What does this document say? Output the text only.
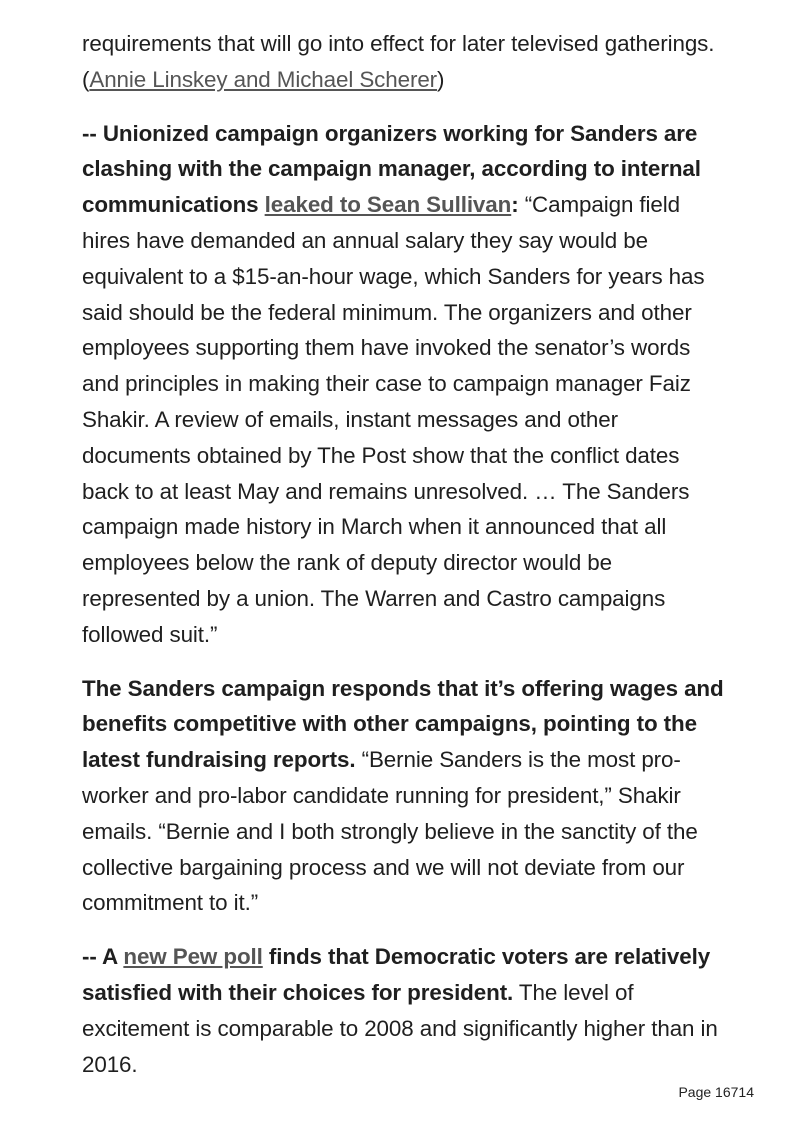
requirements that will go into effect for later televised gatherings. (Annie Linskey and Michael Scherer)

-- Unionized campaign organizers working for Sanders are clashing with the campaign manager, according to internal communications leaked to Sean Sullivan: “Campaign field hires have demanded an annual salary they say would be equivalent to a $15-an-hour wage, which Sanders for years has said should be the federal minimum. The organizers and other employees supporting them have invoked the senator’s words and principles in making their case to campaign manager Faiz Shakir. A review of emails, instant messages and other documents obtained by The Post show that the conflict dates back to at least May and remains unresolved. … The Sanders campaign made history in March when it announced that all employees below the rank of deputy director would be represented by a union. The Warren and Castro campaigns followed suit.”

The Sanders campaign responds that it’s offering wages and benefits competitive with other campaigns, pointing to the latest fundraising reports. “Bernie Sanders is the most pro-worker and pro-labor candidate running for president,” Shakir emails. “Bernie and I both strongly believe in the sanctity of the collective bargaining process and we will not deviate from our commitment to it.”

-- A new Pew poll finds that Democratic voters are relatively satisfied with their choices for president. The level of excitement is comparable to 2008 and significantly higher than in 2016.

Page 16714
